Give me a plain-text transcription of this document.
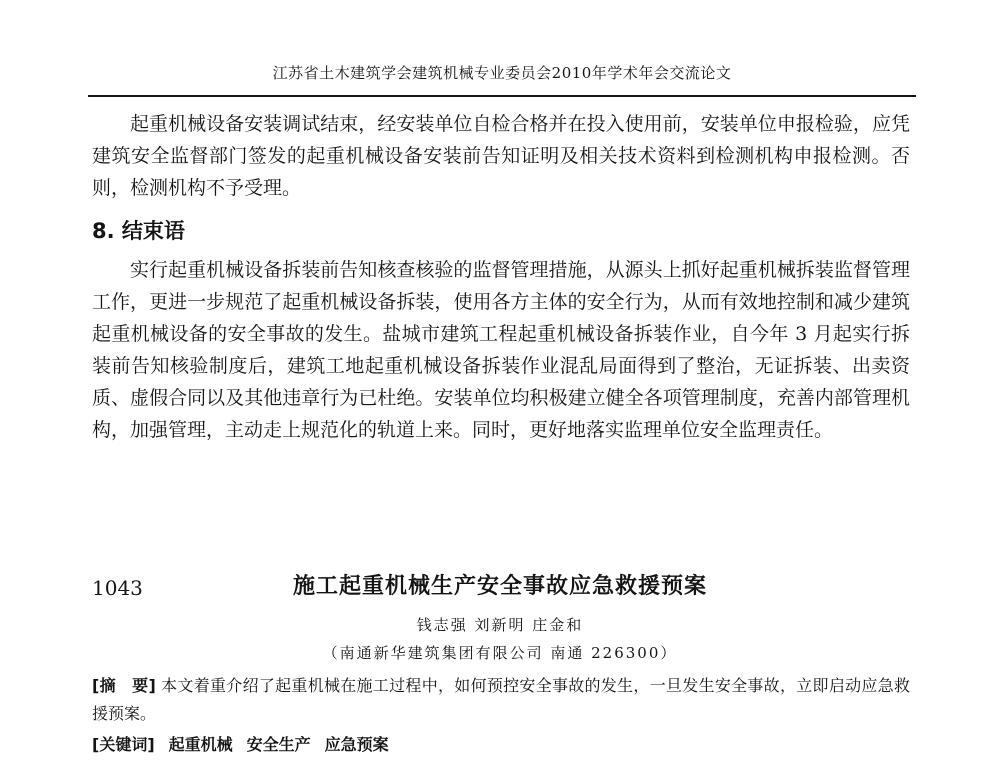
江苏省土木建筑学会建筑机械专业委员会2010年学术年会交流论文

起重机械设备安装调试结束，经安装单位自检合格并在投入使用前，安装单位申报检验，应凭建筑安全监督部门签发的起重机械设备安装前告知证明及相关技术资料到检测机构申报检测。否则，检测机构不予受理。

8. 结束语

实行起重机械设备拆装前告知核查核验的监督管理措施，从源头上抓好起重机械拆装监督管理工作，更进一步规范了起重机械设备拆装，使用各方主体的安全行为，从而有效地控制和减少建筑起重机械设备的安全事故的发生。盐城市建筑工程起重机械设备拆装作业，自今年 3 月起实行拆装前告知核验制度后，建筑工地起重机械设备拆装作业混乱局面得到了整治，无证拆装、出卖资质、虚假合同以及其他违章行为已杜绝。安装单位均积极建立健全各项管理制度，充善内部管理机构，加强管理，主动走上规范化的轨道上来。同时，更好地落实监理单位安全监理责任。

1043	施工起重机械生产安全事故应急救援预案
钱志强 刘新明 庄金和
（南通新华建筑集团有限公司 南通 226300）

[摘　要] 本文着重介绍了起重机械在施工过程中，如何预控安全事故的发生，一旦发生安全事故，立即启动应急救援预案。

[关键词] 起重机械 安全生产 应急预案
